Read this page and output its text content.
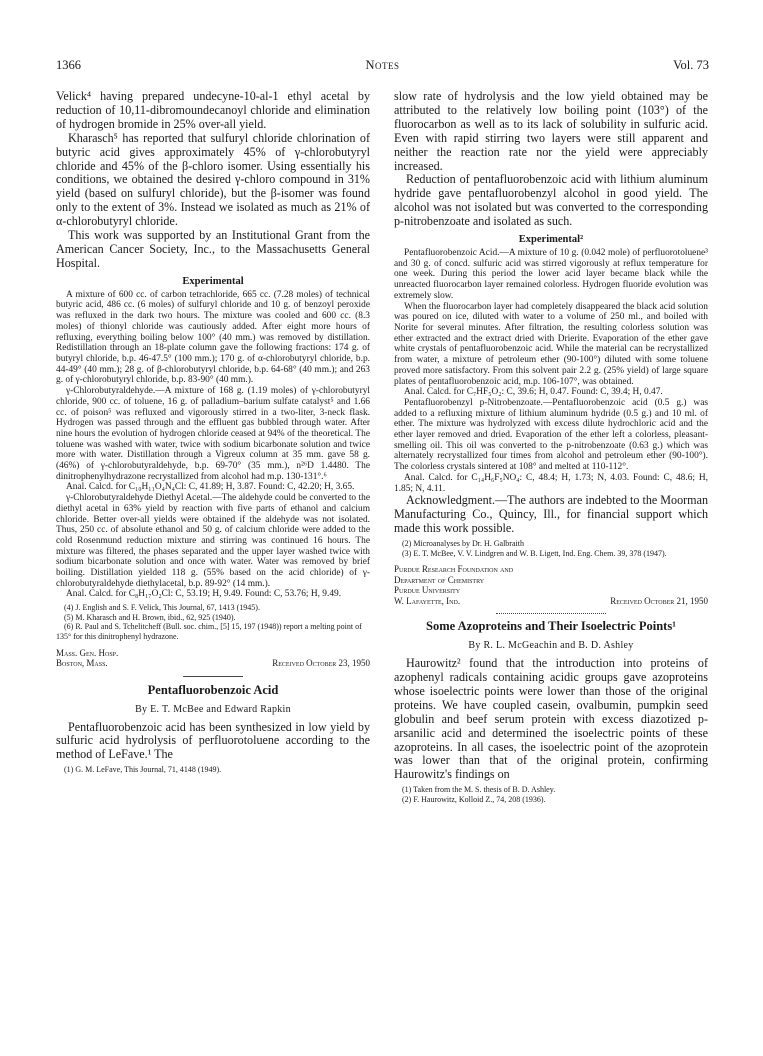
1366	Notes	Vol. 73

Velick⁴ having prepared undecyne-10-al-1 ethyl acetal by reduction of 10,11-dibromoundecanoyl chloride and elimination of hydrogen bromide in 25% over-all yield.

Kharasch⁵ has reported that sulfuryl chloride chlorination of butyric acid gives approximately 45% of γ-chlorobutyryl chloride and 45% of the β-chloro isomer. Using essentially his conditions, we obtained the desired γ-chloro compound in 31% yield (based on sulfuryl chloride), but the β-isomer was found only to the extent of 3%. Instead we isolated as much as 21% of α-chlorobutyryl chloride.

This work was supported by an Institutional Grant from the American Cancer Society, Inc., to the Massachusetts General Hospital.

Experimental

A mixture of 600 cc. of carbon tetrachloride, 665 cc. (7.28 moles) of technical butyric acid, 486 cc. (6 moles) of sulfuryl chloride and 10 g. of benzoyl peroxide was refluxed in the dark two hours. The mixture was cooled and 600 cc. (8.3 moles) of thionyl chloride was cautiously added. After eight more hours of refluxing, everything boiling below 100° (40 mm.) was removed by distillation. Redistillation through an 18-plate column gave the following fractions: 174 g. of butyryl chloride, b.p. 46-47.5° (100 mm.); 170 g. of α-chlorobutyryl chloride, b.p. 44-49° (40 mm.); 28 g. of β-chlorobutyryl chloride, b.p. 64-68° (40 mm.); and 263 g. of γ-chlorobutyryl chloride, b.p. 83-90° (40 mm.).

γ-Chlorobutyraldehyde.—A mixture of 168 g. (1.19 moles) of γ-chlorobutyryl chloride, 900 cc. of toluene, 16 g. of palladium–barium sulfate catalyst⁵ and 1.66 cc. of poison⁵ was refluxed and vigorously stirred in a two-liter, 3-neck flask. Hydrogen was passed through and the effluent gas bubbled through water. After nine hours the evolution of hydrogen chloride ceased at 94% of the theoretical. The toluene was washed with water, twice with sodium bicarbonate solution and twice more with water. Distillation through a Vigreux column at 35 mm. gave 58 g. (46%) of γ-chlorobutyraldehyde, b.p. 69-70° (35 mm.), n²⁶D 1.4480. The dinitrophenylhydrazone recrystallized from alcohol had m.p. 130-131°.⁶

Anal. Calcd. for C₁₀H₁₁O₄N₄Cl: C, 41.89; H, 3.87. Found: C, 42.20; H, 3.65.

γ-Chlorobutyraldehyde Diethyl Acetal.—The aldehyde could be converted to the diethyl acetal in 63% yield by reaction with five parts of ethanol and calcium chloride. Better over-all yields were obtained if the aldehyde was not isolated. Thus, 250 cc. of absolute ethanol and 50 g. of calcium chloride were added to the cold Rosenmund reduction mixture and stirring was continued 16 hours. The mixture was filtered, the phases separated and the upper layer washed twice with sodium bicarbonate solution and once with water. Water was removed by brief boiling. Distillation yielded 118 g. (55% based on the acid chloride) of γ-chlorobutyraldehyde diethylacetal, b.p. 89-92° (14 mm.).

Anal. Calcd. for C₈H₁₇O₂Cl: C, 53.19; H, 9.49. Found: C, 53.76; H, 9.49.

(4) J. English and S. F. Velick, This Journal, 67, 1413 (1945).

(5) M. Kharasch and H. Brown, ibid., 62, 925 (1940).

(6) R. Paul and S. Tchelitcheff (Bull. soc. chim., [5] 15, 197 (1948)) report a melting point of 135° for this dinitrophenyl hydrazone.

Mass. Gen. Hosp.
Boston, Mass.	Received October 23, 1950

Pentafluorobenzoic Acid

By E. T. McBee and Edward Rapkin

Pentafluorobenzoic acid has been synthesized in low yield by sulfuric acid hydrolysis of perfluorotoluene according to the method of LeFave.¹ The

(1) G. M. LeFave, This Journal, 71, 4148 (1949).

slow rate of hydrolysis and the low yield obtained may be attributed to the relatively low boiling point (103°) of the fluorocarbon as well as to its lack of solubility in sulfuric acid. Even with rapid stirring two layers were still apparent and neither the reaction rate nor the yield were appreciably increased.

Reduction of pentafluorobenzoic acid with lithium aluminum hydride gave pentafluorobenzyl alcohol in good yield. The alcohol was not isolated but was converted to the corresponding p-nitrobenzoate and isolated as such.

Experimental²

Pentafluorobenzoic Acid.—A mixture of 10 g. (0.042 mole) of perfluorotoluene³ and 30 g. of concd. sulfuric acid was stirred vigorously at reflux temperature for one week. During this period the lower acid layer became black while the unreacted fluorocarbon layer remained colorless. Hydrogen fluoride evolution was extremely slow.

When the fluorocarbon layer had completely disappeared the black acid solution was poured on ice, diluted with water to a volume of 250 ml., and boiled with Norite for several minutes. After filtration, the resulting colorless solution was ether extracted and the extract dried with Drierite. Evaporation of the ether gave white crystals of pentafluorobenzoic acid. While the material can be recrystallized from water, a mixture of petroleum ether (90-100°) diluted with some toluene proved more satisfactory. From this solvent pair 2.2 g. (25% yield) of large square plates of pentafluorobenzoic acid, m.p. 106-107°, was obtained.

Anal. Calcd. for C₇HF₅O₂: C, 39.6; H, 0.47. Found: C, 39.4; H, 0.47.

Pentafluorobenzyl p-Nitrobenzoate.—Pentafluorobenzoic acid (0.5 g.) was added to a refluxing mixture of lithium aluminum hydride (0.5 g.) and 10 ml. of ether. The mixture was hydrolyzed with excess dilute hydrochloric acid and the ether layer removed and dried. Evaporation of the ether left a colorless, pleasant-smelling oil. This oil was converted to the p-nitrobenzoate (0.63 g.) which was alternately recrystallized four times from alcohol and petroleum ether (90-100°). The colorless crystals sintered at 108° and melted at 110-112°.

Anal. Calcd. for C₁₄H₆F₅NO₄: C, 48.4; H, 1.73; N, 4.03. Found: C, 48.6; H, 1.85; N, 4.11.

Acknowledgment.—The authors are indebted to the Moorman Manufacturing Co., Quincy, Ill., for financial support which made this work possible.

(2) Microanalyses by Dr. H. Galbraith

(3) E. T. McBee, V. V. Lindgren and W. B. Ligett, Ind. Eng. Chem. 39, 378 (1947).

Purdue Research Foundation and
Department of Chemistry
Purdue University
W. Lafayette, Ind.	Received October 21, 1950

Some Azoproteins and Their Isoelectric Points¹

By R. L. McGeachin and B. D. Ashley

Haurowitz² found that the introduction into proteins of azophenyl radicals containing acidic groups gave azoproteins whose isoelectric points were lower than those of the original proteins. We have coupled casein, ovalbumin, pumpkin seed globulin and beef serum protein with excess diazotized p-arsanilic acid and determined the isoelectric points of these azoproteins. In all cases, the isoelectric point of the azoprotein was lower than that of the original protein, confirming Haurowitz's findings on

(1) Taken from the M. S. thesis of B. D. Ashley.

(2) F. Haurowitz, Kolloid Z., 74, 208 (1936).
